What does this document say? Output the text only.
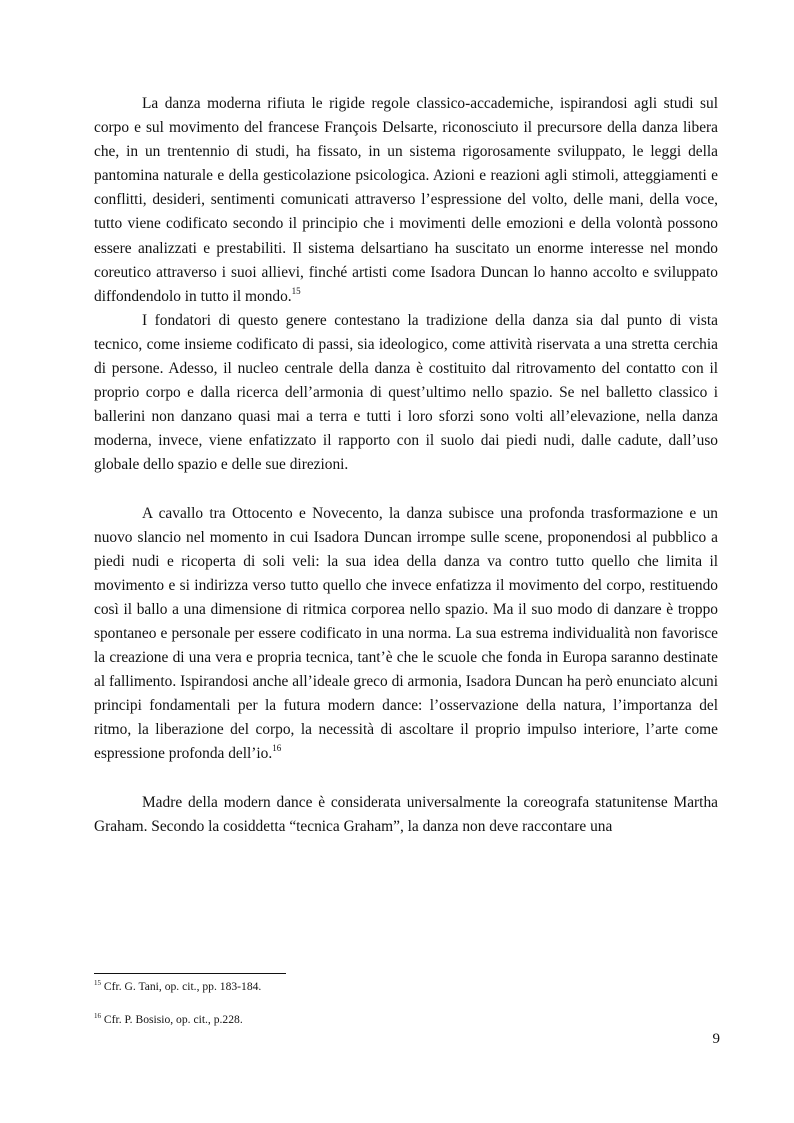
La danza moderna rifiuta le rigide regole classico-accademiche, ispirandosi agli studi sul corpo e sul movimento del francese François Delsarte, riconosciuto il precursore della danza libera che, in un trentennio di studi, ha fissato, in un sistema rigorosamente sviluppato, le leggi della pantomina naturale e della gesticolazione psicologica. Azioni e reazioni agli stimoli, atteggiamenti e conflitti, desideri, sentimenti comunicati attraverso l’espressione del volto, delle mani, della voce, tutto viene codificato secondo il principio che i movimenti delle emozioni e della volontà possono essere analizzati e prestabiliti. Il sistema delsartiano ha suscitato un enorme interesse nel mondo coreutico attraverso i suoi allievi, finché artisti come Isadora Duncan lo hanno accolto e sviluppato diffondendolo in tutto il mondo.$^{15}$

I fondatori di questo genere contestano la tradizione della danza sia dal punto di vista tecnico, come insieme codificato di passi, sia ideologico, come attività riservata a una stretta cerchia di persone. Adesso, il nucleo centrale della danza è costituito dal ritrovamento del contatto con il proprio corpo e dalla ricerca dell’armonia di quest’ultimo nello spazio. Se nel balletto classico i ballerini non danzano quasi mai a terra e tutti i loro sforzi sono volti all’elevazione, nella danza moderna, invece, viene enfatizzato il rapporto con il suolo dai piedi nudi, dalle cadute, dall’uso globale dello spazio e delle sue direzioni.

A cavallo tra Ottocento e Novecento, la danza subisce una profonda trasformazione e un nuovo slancio nel momento in cui Isadora Duncan irrompe sulle scene, proponendosi al pubblico a piedi nudi e ricoperta di soli veli: la sua idea della danza va contro tutto quello che limita il movimento e si indirizza verso tutto quello che invece enfatizza il movimento del corpo, restituendo così il ballo a una dimensione di ritmica corporea nello spazio. Ma il suo modo di danzare è troppo spontaneo e personale per essere codificato in una norma. La sua estrema individualità non favorisce la creazione di una vera e propria tecnica, tant’è che le scuole che fonda in Europa saranno destinate al fallimento. Ispirandosi anche all’ideale greco di armonia, Isadora Duncan ha però enunciato alcuni principi fondamentali per la futura modern dance: l’osservazione della natura, l’importanza del ritmo, la liberazione del corpo, la necessità di ascoltare il proprio impulso interiore, l’arte come espressione profonda dell’io.$^{16}$

Madre della modern dance è considerata universalmente la coreografa statunitense Martha Graham. Secondo la cosiddetta “tecnica Graham”, la danza non deve raccontare una

$^{15}$ Cfr. G. Tani, op. cit., pp. 183-184.

$^{16}$ Cfr. P. Bosisio, op. cit., p.228.

9
